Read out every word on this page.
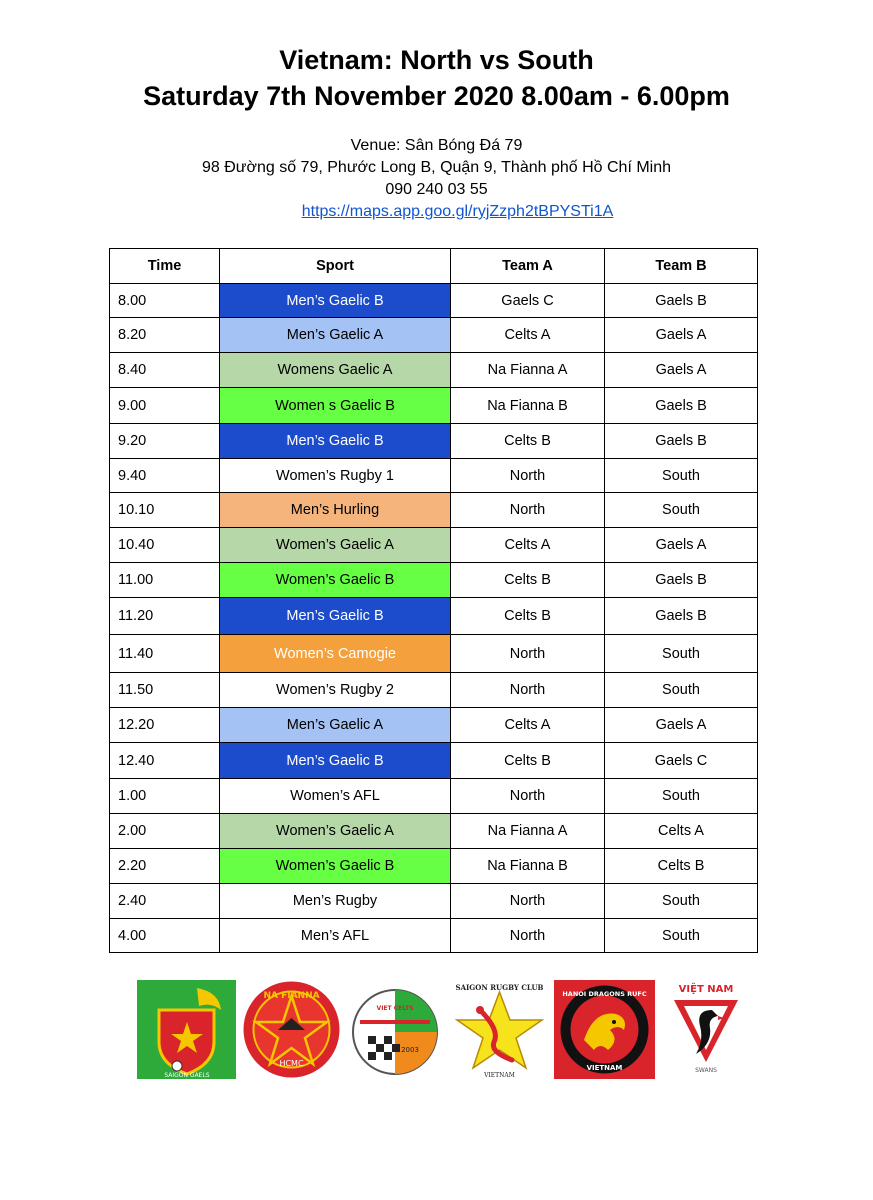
Vietnam: North vs South
Saturday 7th November 2020 8.00am - 6.00pm
Venue: Sân Bóng Đá 79
98 Đường số 79, Phước Long B, Quận 9, Thành phố Hồ Chí Minh
090 240 03 55
https://maps.app.goo.gl/ryjZzph2tBPYSTi1A
Time	Sport	Team A	Team B
8.00	Men’s Gaelic B	Gaels C	Gaels B
8.20	Men’s Gaelic A	Celts A	Gaels A
8.40	Womens Gaelic A	Na Fianna A	Gaels A
9.00	Women s Gaelic B	Na Fianna B	Gaels B
9.20	Men’s Gaelic B	Celts B	Gaels B
9.40	Women’s Rugby 1	North	South
10.10	Men’s Hurling	North	South
10.40	Women’s Gaelic A	Celts A	Gaels A
11.00	Women’s Gaelic B	Celts B	Gaels B
11.20	Men’s Gaelic B	Celts B	Gaels B
11.40	Women’s Camogie	North	South
11.50	Women’s Rugby 2	North	South
12.20	Men’s Gaelic A	Celts A	Gaels A
12.40	Men’s Gaelic B	Celts B	Gaels C
1.00	Women’s AFL	North	South
2.00	Women’s Gaelic A	Na Fianna A	Celts A
2.20	Women’s Gaelic B	Na Fianna B	Celts B
2.40	Men’s Rugby	North	South
4.00	Men’s AFL	North	South
SAIGON GAELS
NA FIANNA
HCMC
2003
VIET CELTS
SAIGON RUGBY CLUB
VIETNAM
HANOI DRAGONS RUFC
VIETNAM
VIỆT NAM
SWANS
